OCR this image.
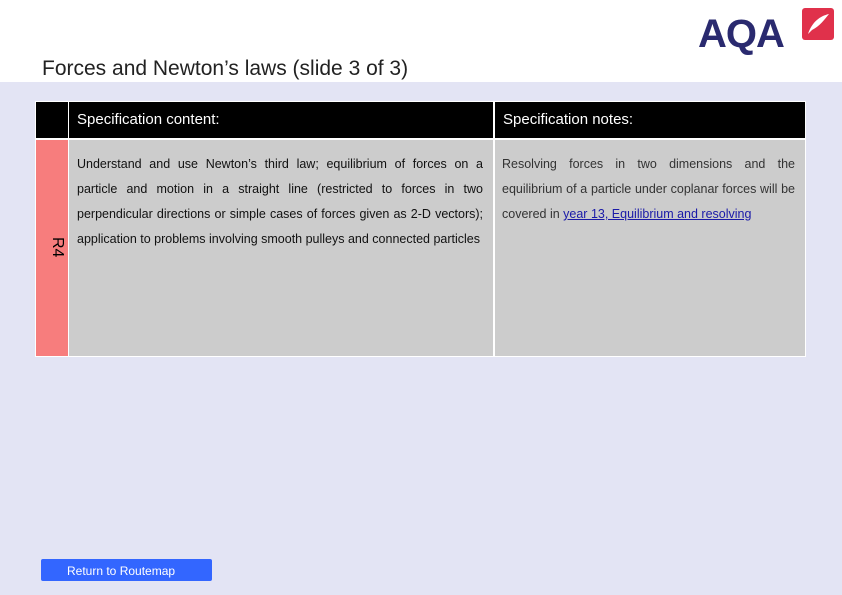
Forces and Newton’s laws (slide 3 of 3)
AQA
Specification content:	Specification notes:
R4
Understand and use Newton’s third law; equilibrium of forces on a particle and motion in a straight line (restricted to forces in two perpendicular directions or simple cases of forces given as 2-D vectors); application to problems involving smooth pulleys and connected particles
Resolving forces in two dimensions and the equilibrium of a particle under coplanar forces will be covered in year 13, Equilibrium and resolving
Return to Routemap
